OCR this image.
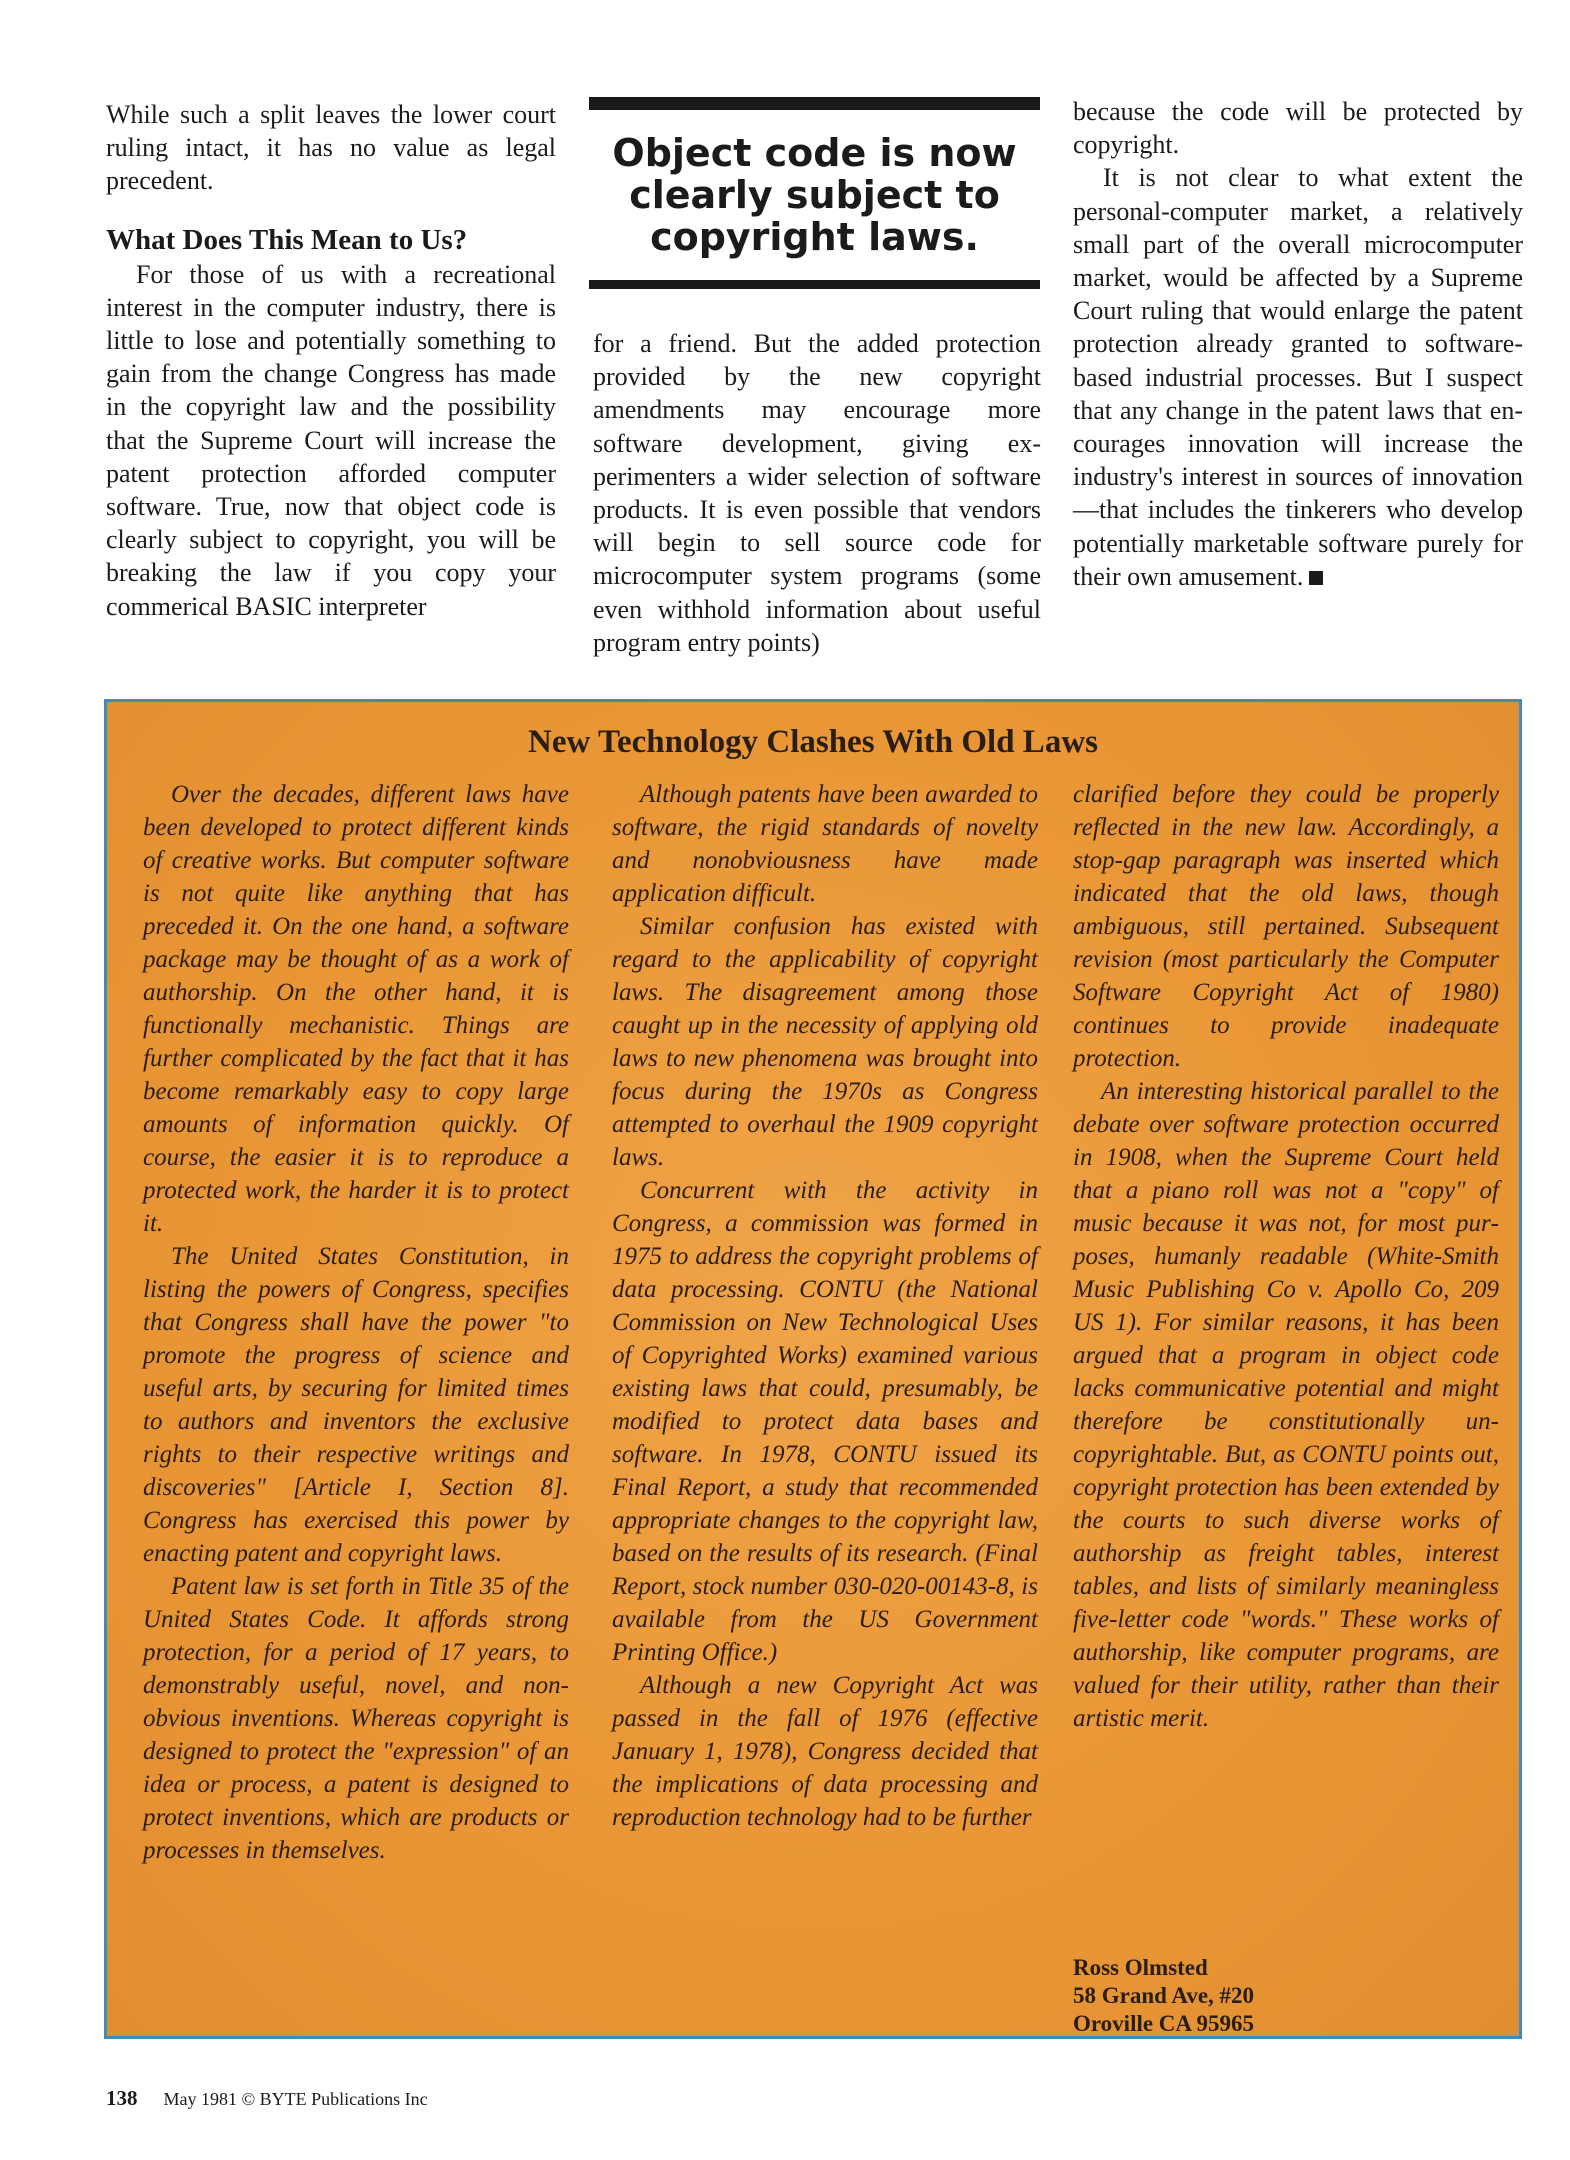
While such a split leaves the lower court ruling intact, it has no value as legal precedent.

What Does This Mean to Us?

For those of us with a recreational interest in the computer industry, there is little to lose and potentially something to gain from the change Congress has made in the copyright law and the possibility that the Supreme Court will increase the patent protection afforded computer software. True, now that object code is clearly subject to copyright, you will be breaking the law if you copy your commerical BASIC interpreter

Object code is now clearly subject to copyright laws.

for a friend. But the added protection provided by the new copyright amendments may encourage more software development, giving experimenters a wider selection of software products. It is even possible that vendors will begin to sell source code for microcomputer system programs (some even withhold information about useful program entry points)

because the code will be protected by copyright.

It is not clear to what extent the personal-computer market, a relatively small part of the overall microcomputer market, would be affected by a Supreme Court ruling that would enlarge the patent protection already granted to software-based industrial processes. But I suspect that any change in the patent laws that encourages innovation will increase the industry's interest in sources of innovation—that includes the tinkerers who develop potentially marketable software purely for their own amusement.

New Technology Clashes With Old Laws

Over the decades, different laws have been developed to protect different kinds of creative works. But computer software is not quite like anything that has preceded it. On the one hand, a software package may be thought of as a work of authorship. On the other hand, it is functionally mechanistic. Things are further complicated by the fact that it has become remarkably easy to copy large amounts of information quickly. Of course, the easier it is to reproduce a protected work, the harder it is to protect it.

The United States Constitution, in listing the powers of Congress, specifies that Congress shall have the power "to promote the progress of science and useful arts, by securing for limited times to authors and inventors the exclusive rights to their respective writings and discoveries" [Article I, Section 8]. Congress has exercised this power by enacting patent and copyright laws.

Patent law is set forth in Title 35 of the United States Code. It affords strong protection, for a period of 17 years, to demonstrably useful, novel, and nonobvious inventions. Whereas copyright is designed to protect the "expression" of an idea or process, a patent is designed to protect inventions, which are products or processes in themselves.

Although patents have been awarded to software, the rigid standards of novelty and nonobviousness have made application difficult.

Similar confusion has existed with regard to the applicability of copyright laws. The disagreement among those caught up in the necessity of applying old laws to new phenomena was brought into focus during the 1970s as Congress attempted to overhaul the 1909 copyright laws.

Concurrent with the activity in Congress, a commission was formed in 1975 to address the copyright problems of data processing. CONTU (the National Commission on New Technological Uses of Copyrighted Works) examined various existing laws that could, presumably, be modified to protect data bases and software. In 1978, CONTU issued its Final Report, a study that recommended appropriate changes to the copyright law, based on the results of its research. (Final Report, stock number 030-020-00143-8, is available from the US Government Printing Office.)

Although a new Copyright Act was passed in the fall of 1976 (effective January 1, 1978), Congress decided that the implications of data processing and reproduction technology had to be further

clarified before they could be properly reflected in the new law. Accordingly, a stop-gap paragraph was inserted which indicated that the old laws, though ambiguous, still pertained. Subsequent revision (most particularly the Computer Software Copyright Act of 1980) continues to provide inadequate protection.

An interesting historical parallel to the debate over software protection occurred in 1908, when the Supreme Court held that a piano roll was not a "copy" of music because it was not, for most purposes, humanly readable (White-Smith Music Publishing Co v. Apollo Co, 209 US 1). For similar reasons, it has been argued that a program in object code lacks communicative potential and might therefore be constitutionally uncopyrightable. But, as CONTU points out, copyright protection has been extended by the courts to such diverse works of authorship as freight tables, interest tables, and lists of similarly meaningless five-letter code "words." These works of authorship, like computer programs, are valued for their utility, rather than their artistic merit.

Ross Olmsted
58 Grand Ave, #20
Oroville CA 95965
138 May 1981 © BYTE Publications Inc
